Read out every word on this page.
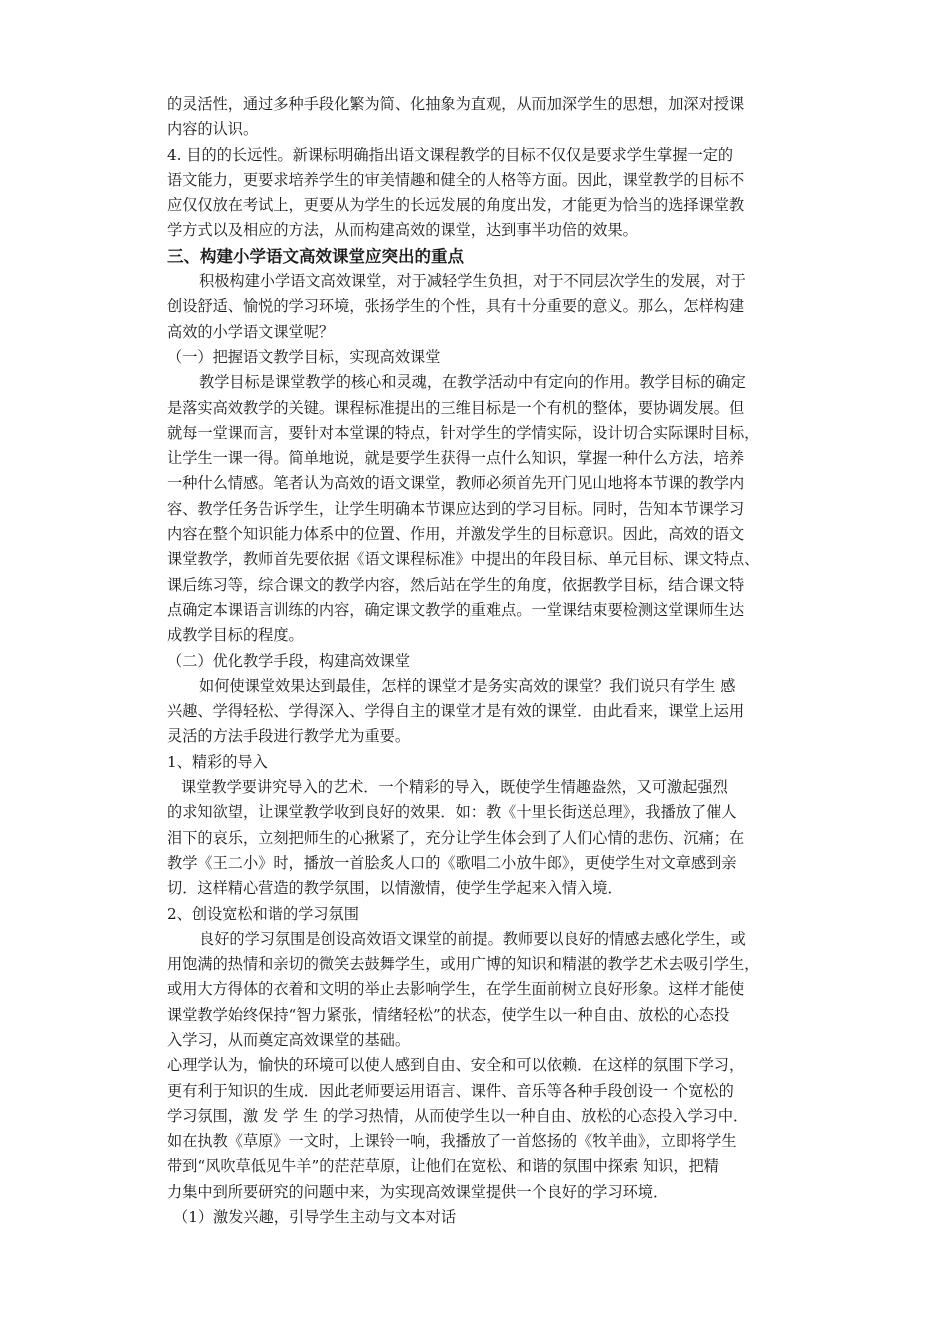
的灵活性，通过多种手段化繁为简、化抽象为直观，从而加深学生的思想，加深对授课
内容的认识。
4. 目的的长远性。新课标明确指出语文课程教学的目标不仅仅是要求学生掌握一定的
语文能力，更要求培养学生的审美情趣和健全的人格等方面。因此，课堂教学的目标不
应仅仅放在考试上，更要从为学生的长远发展的角度出发，才能更为恰当的选择课堂教
学方式以及相应的方法，从而构建高效的课堂，达到事半功倍的效果。
三、构建小学语文高效课堂应突出的重点
积极构建小学语文高效课堂，对于减轻学生负担，对于不同层次学生的发展，对于
创设舒适、愉悦的学习环境，张扬学生的个性，具有十分重要的意义。那么，怎样构建
高效的小学语文课堂呢？
（一）把握语文教学目标，实现高效课堂
教学目标是课堂教学的核心和灵魂，在教学活动中有定向的作用。教学目标的确定
是落实高效教学的关键。课程标准提出的三维目标是一个有机的整体，要协调发展。但
就每一堂课而言，要针对本堂课的特点，针对学生的学情实际，设计切合实际课时目标，
让学生一课一得。简单地说，就是要学生获得一点什么知识，掌握一种什么方法，培养
一种什么情感。笔者认为高效的语文课堂，教师必须首先开门见山地将本节课的教学内
容、教学任务告诉学生，让学生明确本节课应达到的学习目标。同时，告知本节课学习
内容在整个知识能力体系中的位置、作用，并激发学生的目标意识。因此，高效的语文
课堂教学，教师首先要依据《语文课程标准》中提出的年段目标、单元目标、课文特点、
课后练习等，综合课文的教学内容，然后站在学生的角度，依据教学目标，结合课文特
点确定本课语言训练的内容，确定课文教学的重难点。一堂课结束要检测这堂课师生达
成教学目标的程度。
（二）优化教学手段，构建高效课堂
如何使课堂效果达到最佳，怎样的课堂才是务实高效的课堂？我们说只有学生 感
兴趣、学得轻松、学得深入、学得自主的课堂才是有效的课堂．由此看来，课堂上运用
灵活的方法手段进行教学尤为重要。
1、精彩的导入
课堂教学要讲究导入的艺术．一个精彩的导入，既使学生情趣盎然，又可激起强烈
的求知欲望，让课堂教学收到良好的效果．如：教《十里长街送总理》，我播放了催人
泪下的哀乐，立刻把师生的心揪紧了，充分让学生体会到了人们心情的悲伤、沉痛；在
教学《王二小》时，播放一首脍炙人口的《歌唱二小放牛郎》，更使学生对文章感到亲
切．这样精心营造的教学氛围，以情激情，使学生学起来入情入境．
2、创设宽松和谐的学习氛围
良好的学习氛围是创设高效语文课堂的前提。教师要以良好的情感去感化学生，或
用饱满的热情和亲切的微笑去鼓舞学生，或用广博的知识和精湛的教学艺术去吸引学生，
或用大方得体的衣着和文明的举止去影响学生，在学生面前树立良好形象。这样才能使
课堂教学始终保持“智力紧张，情绪轻松”的状态，使学生以一种自由、放松的心态投
入学习，从而奠定高效课堂的基础。
心理学认为，愉快的环境可以使人感到自由、安全和可以依赖．在这样的氛围下学习，
更有利于知识的生成．因此老师要运用语言、课件、音乐等各种手段创设一 个宽松的
学习氛围，激 发 学 生 的学习热情，从而使学生以一种自由、放松的心态投入学习中．
如在执教《草原》一文时，上课铃一响，我播放了一首悠扬的《牧羊曲》，立即将学生
带到“风吹草低见牛羊”的茫茫草原，让他们在宽松、和谐的氛围中探索 知识，把精
力集中到所要研究的问题中来，为实现高效课堂提供一个良好的学习环境．
（1）激发兴趣，引导学生主动与文本对话
